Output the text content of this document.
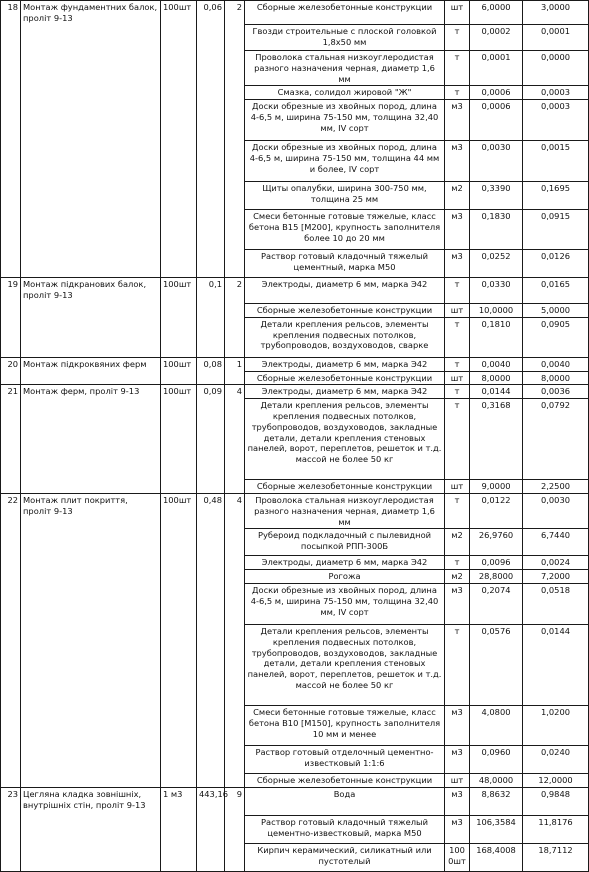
18	Монтаж фундаментних балок, проліт 9-13	100шт	0,06	2	Сборные железобетонные конструкции	шт	6,0000	3,0000
					Гвозди строительные с плоской головкой 1,8х50 мм	т	0,0002	0,0001
					Проволока стальная низкоуглеродистая разного назначения черная, диаметр 1,6 мм	т	0,0001	0,0000
					Смазка, солидол жировой "Ж"	т	0,0006	0,0003
					Доски обрезные из хвойных пород, длина 4-6,5 м, ширина 75-150 мм, толщина 32,40 мм, IV сорт	м3	0,0006	0,0003
					Доски обрезные из хвойных пород, длина 4-6,5 м, ширина 75-150 мм, толщина 44 мм и более, IV сорт	м3	0,0030	0,0015
					Щиты опалубки, ширина 300-750 мм, толщина 25 мм	м2	0,3390	0,1695
					Смеси бетонные готовые тяжелые, класс бетона В15 [М200], крупность заполнителя более 10 до 20 мм	м3	0,1830	0,0915
					Раствор готовый кладочный тяжелый цементный, марка М50	м3	0,0252	0,0126
19	Монтаж підкранових балок, проліт 9-13	100шт	0,1	2	Электроды, диаметр 6 мм, марка Э42	т	0,0330	0,0165
					Сборные железобетонные конструкции	шт	10,0000	5,0000
					Детали крепления рельсов, элементы крепления подвесных потолков, трубопроводов, воздуховодов, сварке	т	0,1810	0,0905
20	Монтаж підкроквяних ферм	100шт	0,08	1	Электроды, диаметр 6 мм, марка Э42	т	0,0040	0,0040
					Сборные железобетонные конструкции	шт	8,0000	8,0000
21	Монтаж ферм, проліт 9-13	100шт	0,09	4	Электроды, диаметр 6 мм, марка Э42	т	0,0144	0,0036
					Детали крепления рельсов, элементы крепления подвесных потолков, трубопроводов, воздуховодов, закладные детали, детали крепления стеновых панелей, ворот, переплетов, решеток и т.д. массой не более 50 кг	т	0,3168	0,0792
					Сборные железобетонные конструкции	шт	9,0000	2,2500
22	Монтаж плит покриття, проліт 9-13	100шт	0,48	4	Проволока стальная низкоуглеродистая разного назначения черная, диаметр 1,6 мм	т	0,0122	0,0030
					Рубероид подкладочный с пылевидной посыпкой РПП-300Б	м2	26,9760	6,7440
					Электроды, диаметр 6 мм, марка Э42	т	0,0096	0,0024
					Рогожа	м2	28,8000	7,2000
					Доски обрезные из хвойных пород, длина 4-6,5 м, ширина 75-150 мм, толщина 32,40 мм, IV сорт	м3	0,2074	0,0518
					Детали крепления рельсов, элементы крепления подвесных потолков, трубопроводов, воздуховодов, закладные детали, детали крепления стеновых панелей, ворот, переплетов, решеток и т.д. массой не более 50 кг	т	0,0576	0,0144
					Смеси бетонные готовые тяжелые, класс бетона В10 [М150], крупность заполнителя 10 мм и менее	м3	4,0800	1,0200
					Раствор готовый отделочный цементно-известковый 1:1:6	м3	0,0960	0,0240
					Сборные железобетонные конструкции	шт	48,0000	12,0000
23	Цегляна кладка зовнішніх, внутрішніх стін, проліт 9-13	1 м3	443,16	9	Вода	м3	8,8632	0,9848
					Раствор готовый кладочный тяжелый цементно-известковый, марка М50	м3	106,3584	11,8176
					Кирпич керамический, силикатный или пустотелый	1000шт	168,4008	18,7112
